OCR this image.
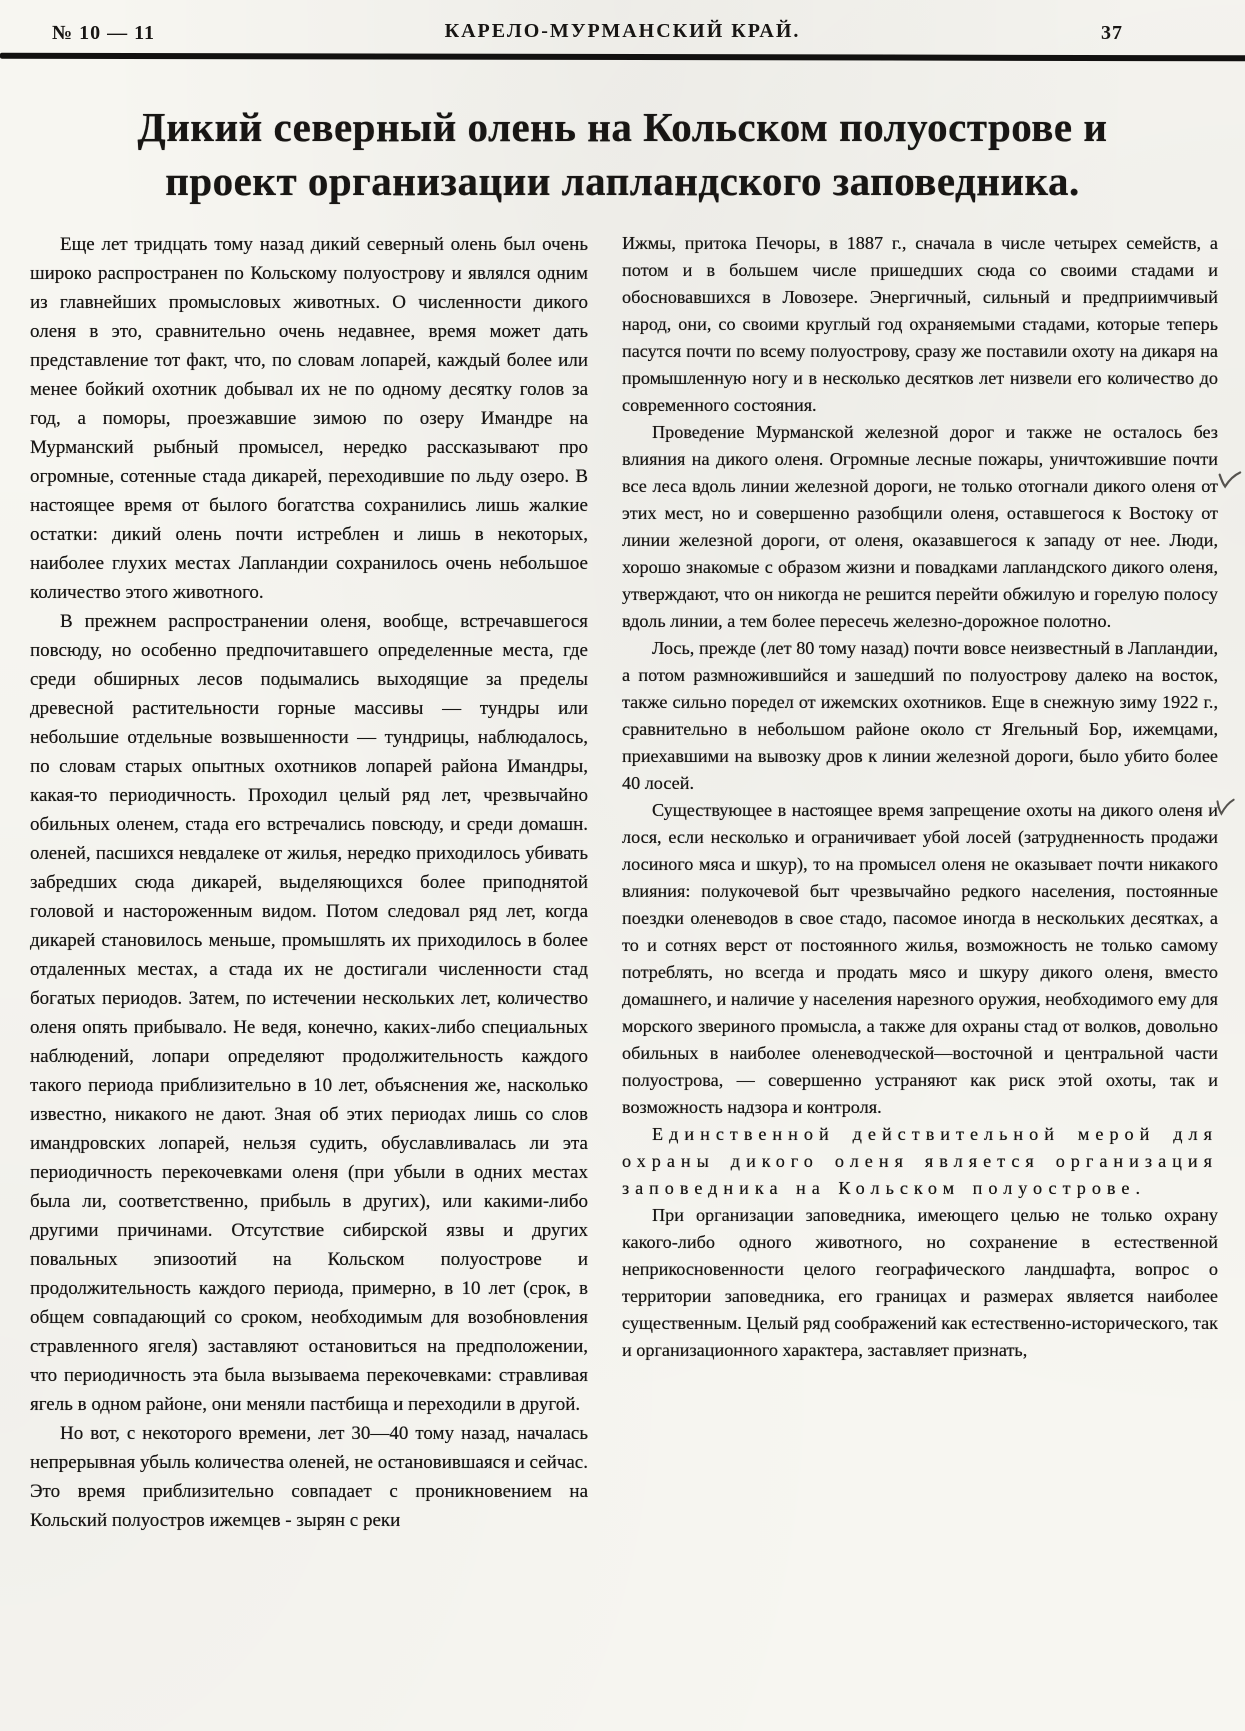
№ 10 — 11	КАРЕЛО-МУРМАНСКИЙ КРАЙ.	37
Дикий северный олень на Кольском полуострове и
проект организации лапландского заповедника.

Еще лет тридцать тому назад дикий северный олень был очень широко распространен по Кольскому полуострову и являлся одним из главнейших промысловых животных. О численности дикого оленя в это, сравнительно очень недавнее, время может дать представление тот факт, что, по словам лопарей, каждый более или менее бойкий охотник добывал их не по одному десятку голов за год, а поморы, проезжавшие зимою по озеру Имандре на Мурманский рыбный промысел, нередко рассказывают про огромные, сотенные стада дикарей, переходившие по льду озеро. В настоящее время от былого богатства сохранились лишь жалкие остатки: дикий олень почти истреблен и лишь в некоторых, наиболее глухих местах Лапландии сохранилось очень небольшое количество этого животного.

В прежнем распространении оленя, вообще, встречавшегося повсюду, но особенно предпочитавшего определенные места, где среди обширных лесов подымались выходящие за пределы древесной растительности горные массивы — тундры или небольшие отдельные возвышенности — тундрицы, наблюдалось, по словам старых опытных охотников лопарей района Имандры, какая-то периодичность. Проходил целый ряд лет, чрезвычайно обильных оленем, стада его встречались повсюду, и среди домашн. оленей, пасшихся невдалеке от жилья, нередко приходилось убивать забредших сюда дикарей, выделяющихся более приподнятой головой и настороженным видом. Потом следовал ряд лет, когда дикарей становилось меньше, промышлять их приходилось в более отдаленных местах, а стада их не достигали численности стад богатых периодов. Затем, по истечении нескольких лет, количество оленя опять прибывало. Не ведя, конечно, каких-либо специальных наблюдений, лопари определяют продолжительность каждого такого периода приблизительно в 10 лет, объяснения же, насколько известно, никакого не дают. Зная об этих периодах лишь со слов имандровских лопарей, нельзя судить, обуславливалась ли эта периодичность перекочевками оленя (при убыли в одних местах была ли, соответственно, прибыль в других), или какими-либо другими причинами. Отсутствие сибирской язвы и других повальных эпизоотий на Кольском полуострове и продолжительность каждого периода, примерно, в 10 лет (срок, в общем совпадающий со сроком, необходимым для возобновления стравленного ягеля) заставляют остановиться на предположении, что периодичность эта была вызываема перекочевками: стравливая ягель в одном районе, они меняли пастбища и переходили в другой.

Но вот, с некоторого времени, лет 30—40 тому назад, началась непрерывная убыль количества оленей, не остановившаяся и сейчас. Это время приблизительно совпадает с проникновением на Кольский полуостров ижемцев - зырян с реки

Ижмы, притока Печоры, в 1887 г., сначала в числе четырех семейств, а потом и в большем числе пришедших сюда со своими стадами и обосновавшихся в Ловозере. Энергичный, сильный и предприимчивый народ, они, со своими круглый год охраняемыми стадами, которые теперь пасутся почти по всему полуострову, сразу же поставили охоту на дикаря на промышленную ногу и в несколько десятков лет низвели его количество до современного состояния.

Проведение Мурманской железной дорог и также не осталось без влияния на дикого оленя. Огромные лесные пожары, уничтожившие почти все леса вдоль линии железной дороги, не только отогнали дикого оленя от этих мест, но и совершенно разобщили оленя, оставшегося к Востоку от линии железной дороги, от оленя, оказавшегося к западу от нее. Люди, хорошо знакомые с образом жизни и повадками лапландского дикого оленя, утверждают, что он никогда не решится перейти обжилую и горелую полосу вдоль линии, а тем более пересечь железно-дорожное полотно.

Лось, прежде (лет 80 тому назад) почти вовсе неизвестный в Лапландии, а потом размножившийся и зашедший по полуострову далеко на восток, также сильно поредел от ижемских охотников. Еще в снежную зиму 1922 г., сравнительно в небольшом районе около ст Ягельный Бор, ижемцами, приехавшими на вывозку дров к линии железной дороги, было убито более 40 лосей.

Существующее в настоящее время запрещение охоты на дикого оленя и лося, если несколько и ограничивает убой лосей (затрудненность продажи лосиного мяса и шкур), то на промысел оленя не оказывает почти никакого влияния: полукочевой быт чрезвычайно редкого населения, постоянные поездки оленеводов в свое стадо, пасомое иногда в нескольких десятках, а то и сотнях верст от постоянного жилья, возможность не только самому потреблять, но всегда и продать мясо и шкуру дикого оленя, вместо домашнего, и наличие у населения нарезного оружия, необходимого ему для морского звериного промысла, а также для охраны стад от волков, довольно обильных в наиболее оленеводческой—восточной и центральной части полуострова, — совершенно устраняют как риск этой охоты, так и возможность надзора и контроля.

Единственной действительной мерой для охраны дикого оленя является организация заповедника на Кольском полуострове.

При организации заповедника, имеющего целью не только охрану какого-либо одного животного, но сохранение в естественной неприкосновенности целого географического ландшафта, вопрос о территории заповедника, его границах и размерах является наиболее существенным. Целый ряд соображений как естественно-исторического, так и организационного характера, заставляет признать,
